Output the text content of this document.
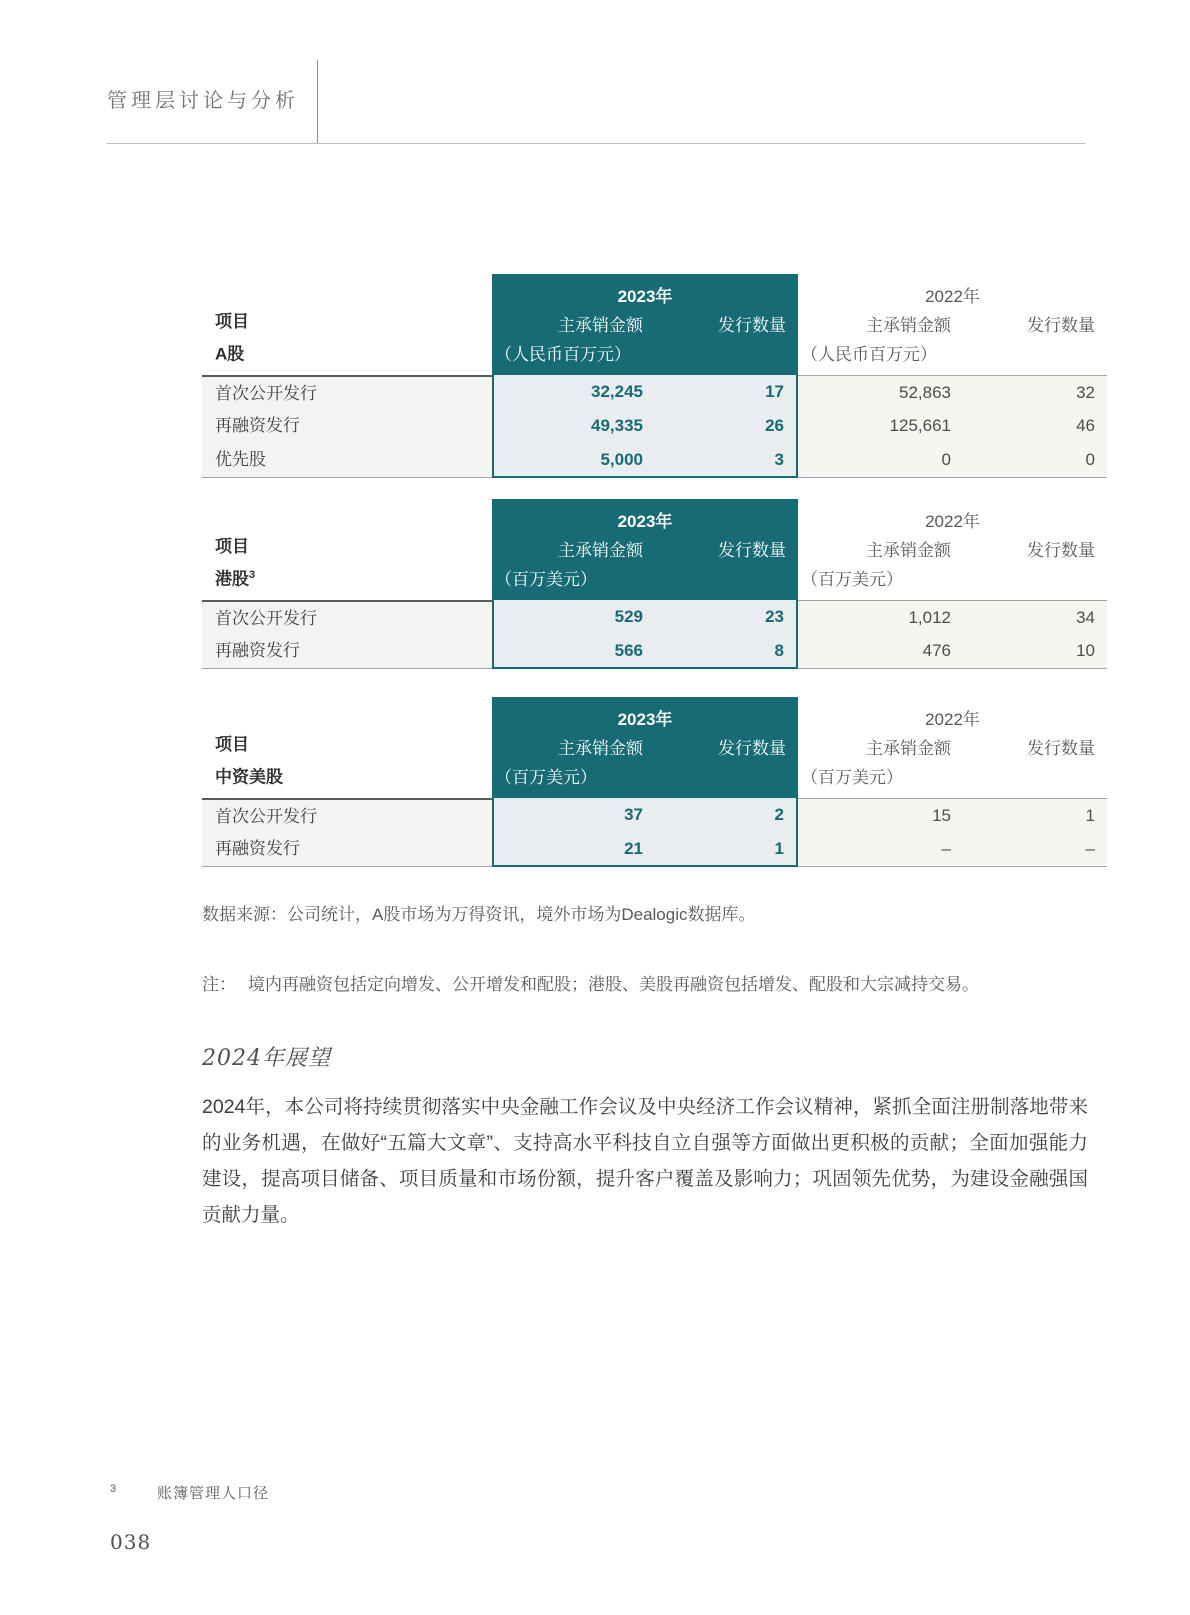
管理层讨论与分析
项目
A股
2023年
主承销金额	发行数量
（人民币百万元）
2022年
主承销金额	发行数量
（人民币百万元）
首次公开发行	32,245	17	52,863	32
再融资发行	49,335	26	125,661	46
优先股	5,000	3	0	0
项目
港股$^3$
2023年
主承销金额	发行数量
（百万美元）
2022年
主承销金额	发行数量
（百万美元）
首次公开发行	529	23	1,012	34
再融资发行	566	8	476	10
项目
中资美股
2023年
主承销金额	发行数量
（百万美元）
2022年
主承销金额	发行数量
（百万美元）
首次公开发行	37	2	15	1
再融资发行	21	1	–	–
数据来源：公司统计，A股市场为万得资讯，境外市场为Dealogic数据库。
注： 境内再融资包括定向增发、公开增发和配股；港股、美股再融资包括增发、配股和大宗减持交易。
2024年展望
2024年，本公司将持续贯彻落实中央金融工作会议及中央经济工作会议精神，紧抓全面注册制落地带来的业务机遇，在做好“五篇大文章”、支持高水平科技自立自强等方面做出更积极的贡献；全面加强能力建设，提高项目储备、项目质量和市场份额，提升客户覆盖及影响力；巩固领先优势，为建设金融强国贡献力量。
3	账簿管理人口径
038
